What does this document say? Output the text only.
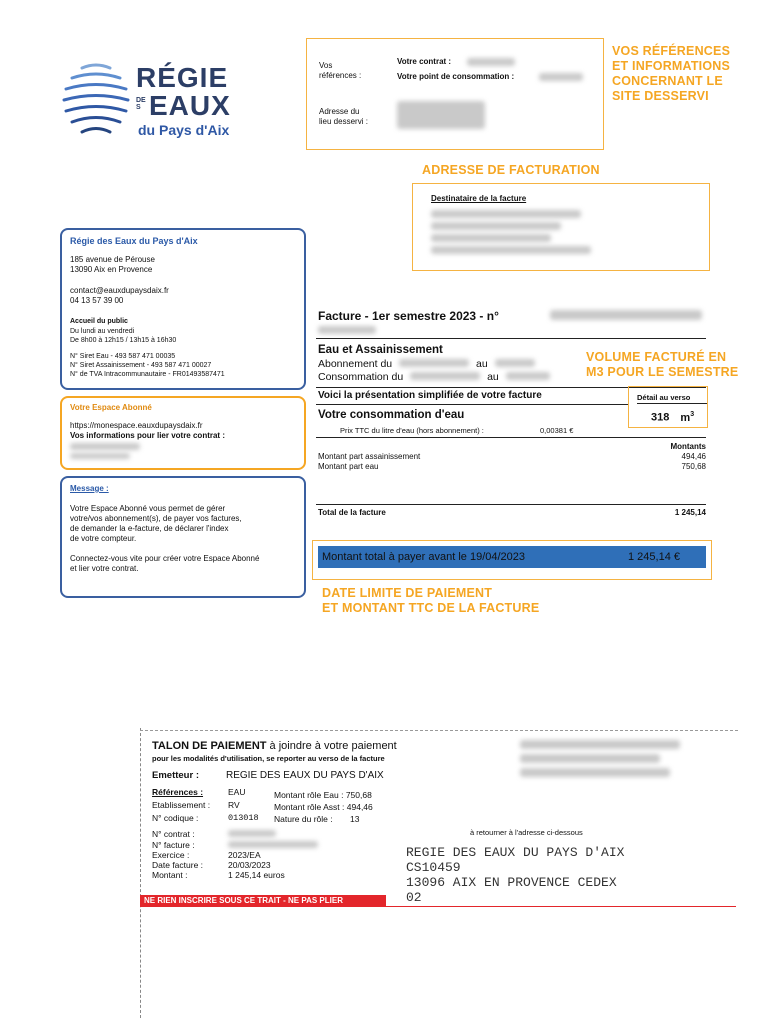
RÉGIE
DES EAUX
du Pays d'Aix
Vos
références :
Votre contrat :
Votre point de consommation :
Adresse du
lieu desservi :
VOS RÉFÉRENCES
ET INFORMATIONS
CONCERNANT LE
SITE DESSERVI
ADRESSE DE FACTURATION
Destinataire de la facture
Régie des Eaux du Pays d'Aix
185 avenue de Pérouse
13090 Aix en Provence
contact@eauxdupaysdaix.fr
04 13 57 39 00
Accueil du public
Du lundi au vendredi
De 8h00 à 12h15 / 13h15 à 16h30
N° Siret Eau - 493 587 471 00035
N° Siret Assainissement - 493 587 471 00027
N° de TVA Intracommunautaire - FR01493587471
Votre Espace Abonné
https://monespace.eauxdupaysdaix.fr
Vos informations pour lier votre contrat :
Message :
Votre Espace Abonné vous permet de gérer
votre/vos abonnement(s), de payer vos factures,
de demander la e-facture, de déclarer l'index
de votre compteur.
Connectez-vous vite pour créer votre Espace Abonné
et lier votre contrat.
Facture - 1er semestre 2023 - n°
Eau et Assainissement
Abonnement du	au
Consommation du	au
VOLUME FACTURÉ EN
M3 POUR LE SEMESTRE
Voici la présentation simplifiée de votre facture	Détail au verso
318 $m^3$
Votre consommation d'eau
Prix TTC du litre d'eau (hors abonnement) :	0,00381 €
Montants
Montant part assainissement	494,46
Montant part eau	750,68
Total de la facture	1 245,14
Montant total à payer avant le 19/04/2023	1 245,14 €
DATE LIMITE DE PAIEMENT
ET MONTANT TTC DE LA FACTURE
TALON DE PAIEMENT à joindre à votre paiement
pour les modalités d'utilisation, se reporter au verso de la facture
Emetteur :	REGIE DES EAUX DU PAYS D'AIX
Références :	EAU
Etablissement : RV
N° codique :	013018
Montant rôle Eau : 750,68
Montant rôle Asst : 494,46
Nature du rôle : 13
N° contrat :
N° facture :
Exercice :	2023/EA
Date facture :	20/03/2023
Montant :	1 245,14 euros
à retourner à l'adresse ci-dessous
REGIE DES EAUX DU PAYS D'AIX
CS10459
13096 AIX EN PROVENCE CEDEX
02
NE RIEN INSCRIRE SOUS CE TRAIT - NE PAS PLIER
